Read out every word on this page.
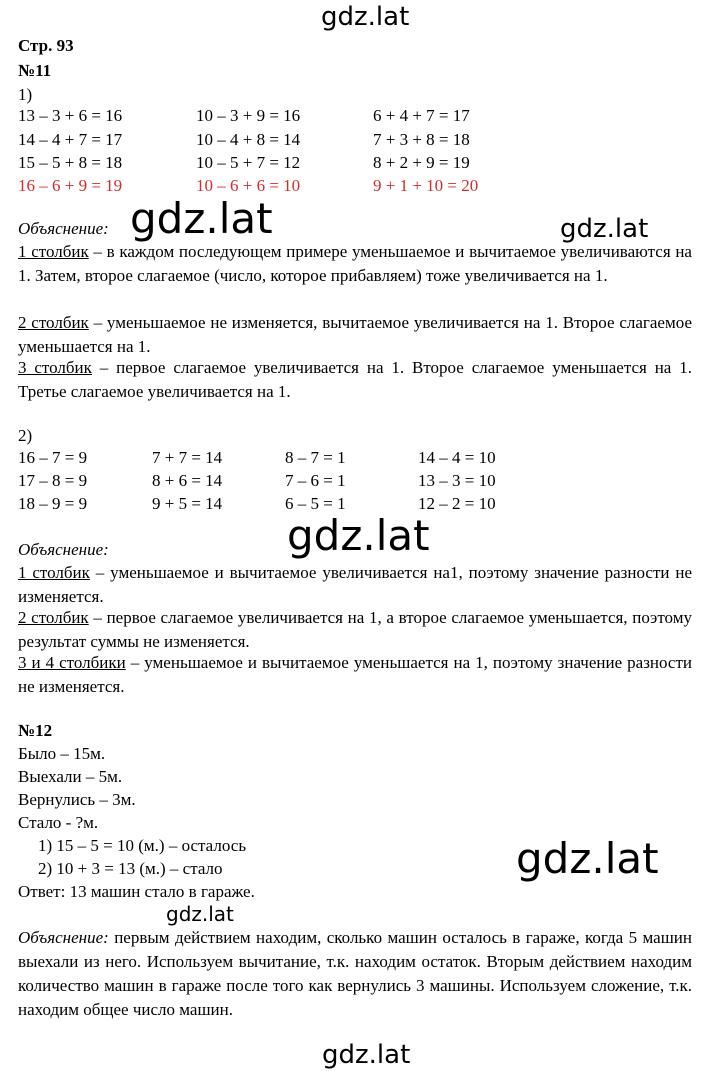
gdz.lat
gdz.lat	gdz.lat
gdz.lat
gdz.lat
gdz.lat
gdz.lat
Стр. 93
№11
1)
13 – 3 + 6 = 16	10 – 3 + 9 = 16	6 + 4 + 7 = 17
14 – 4 + 7 = 17	10 – 4 + 8 = 14	7 + 3 + 8 = 18
15 – 5 + 8 = 18	10 – 5 + 7 = 12	8 + 2 + 9 = 19
16 – 6 + 9 = 19	10 – 6 + 6 = 10	9 + 1 + 10 = 20
Объяснение:
1 столбик – в каждом последующем примере уменьшаемое и вычитаемое увеличиваются на 1. Затем, второе слагаемое (число, которое прибавляем) тоже увеличивается на 1.
2 столбик – уменьшаемое не изменяется, вычитаемое увеличивается на 1. Второе слагаемое уменьшается на 1.
3 столбик – первое слагаемое увеличивается на 1. Второе слагаемое уменьшается на 1. Третье слагаемое увеличивается на 1.
2)
16 – 7 = 9	7 + 7 = 14	8 – 7 = 1	14 – 4 = 10
17 – 8 = 9	8 + 6 = 14	7 – 6 = 1	13 – 3 = 10
18 – 9 = 9	9 + 5 = 14	6 – 5 = 1	12 – 2 = 10
Объяснение:
1 столбик – уменьшаемое и вычитаемое увеличивается на1, поэтому значение разности не изменяется.
2 столбик – первое слагаемое увеличивается на 1, а второе слагаемое уменьшается, поэтому результат суммы не изменяется.
3 и 4 столбики – уменьшаемое и вычитаемое уменьшается на 1, поэтому значение разности не изменяется.
№12
Было – 15м.
Выехали – 5м.
Вернулись – 3м.
Стало - ?м.
1) 15 – 5 = 10 (м.) – осталось
2) 10 + 3 = 13 (м.) – стало
Ответ: 13 машин стало в гараже.
Объяснение: первым действием находим, сколько машин осталось в гараже, когда 5 машин выехали из него. Используем вычитание, т.к. находим остаток. Вторым действием находим количество машин в гараже после того как вернулись 3 машины. Используем сложение, т.к. находим общее число машин.
